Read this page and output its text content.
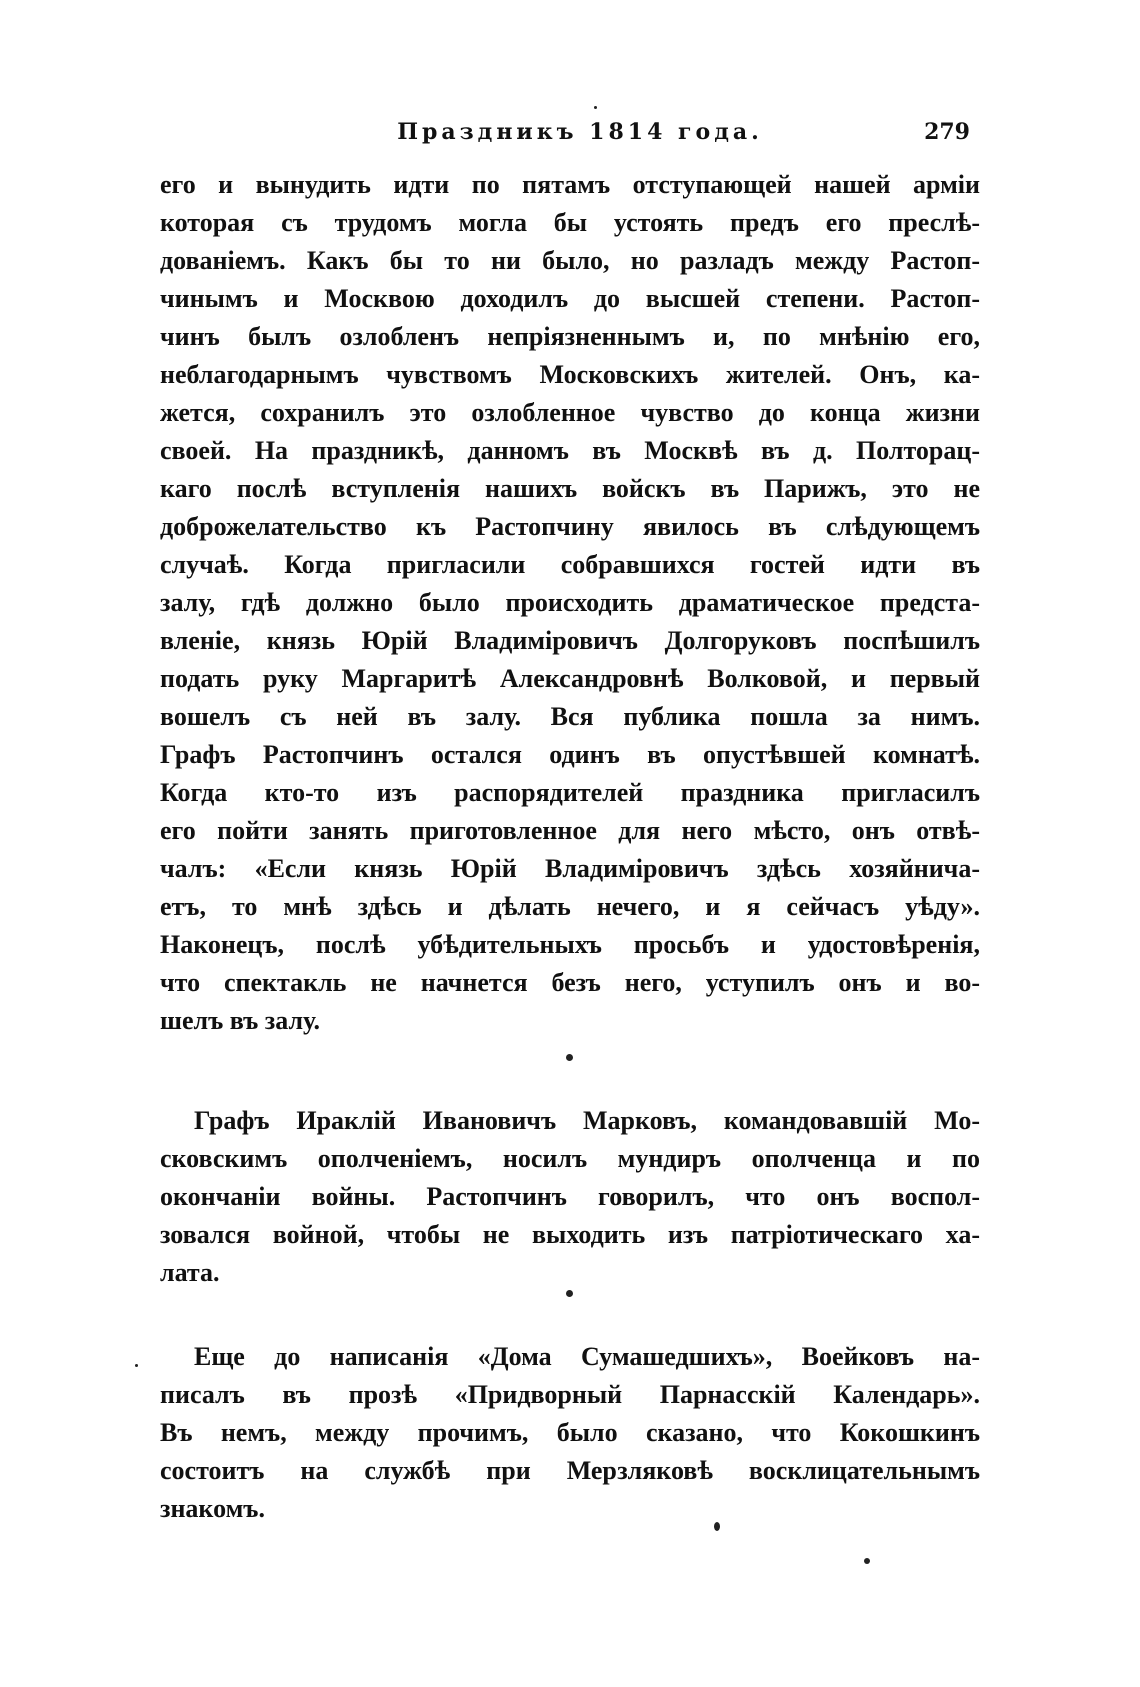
Праздникъ 1814 года.	279
его и вынудить идти по пятамъ отступающей нашей арміи
которая съ трудомъ могла бы устоять предъ его преслѣ-
дованіемъ. Какъ бы то ни было, но разладъ между Растоп-
чинымъ и Москвою доходилъ до высшей степени. Растоп-
чинъ былъ озлобленъ непріязненнымъ и, по мнѣнію его,
неблагодарнымъ чувствомъ Московскихъ жителей. Онъ, ка-
жется, сохранилъ это озлобленное чувство до конца жизни
своей. На праздникѣ, данномъ въ Москвѣ въ д. Полторац-
каго послѣ вступленія нашихъ войскъ въ Парижъ, это не
доброжелательство къ Растопчину явилось въ слѣдующемъ
случаѣ. Когда пригласили собравшихся гостей идти въ
залу, гдѣ должно было происходить драматическое предста-
вленіе, князь Юрій Владиміровичъ Долгоруковъ поспѣшилъ
подать руку Маргаритѣ Александровнѣ Волковой, и первый
вошелъ съ ней въ залу. Вся публика пошла за нимъ.
Графъ Растопчинъ остался одинъ въ опустѣвшей комнатѣ.
Когда кто-то изъ распорядителей праздника пригласилъ
его пойти занять приготовленное для него мѣсто, онъ отвѣ-
чалъ: «Если князь Юрій Владиміровичъ здѣсь хозяйнича-
етъ, то мнѣ здѣсь и дѣлать нечего, и я сейчасъ уѣду».
Наконецъ, послѣ убѣдительныхъ просьбъ и удостовѣренія,
что спектакль не начнется безъ него, уступилъ онъ и во-
шелъ въ залу.
Графъ Ираклій Ивановичъ Марковъ, командовавшій Мо-
сковскимъ ополченіемъ, носилъ мундиръ ополченца и по
окончаніи войны. Растопчинъ говорилъ, что онъ воспол-
зовался войной, чтобы не выходить изъ патріотическаго ха-
лата.
Еще до написанія «Дома Сумашедшихъ», Воейковъ на-
писалъ въ прозѣ «Придворный Парнасскій Календарь».
Въ немъ, между прочимъ, было сказано, что Кокошкинъ
состоитъ на службѣ при Мерзляковѣ восклицательнымъ
знакомъ.
